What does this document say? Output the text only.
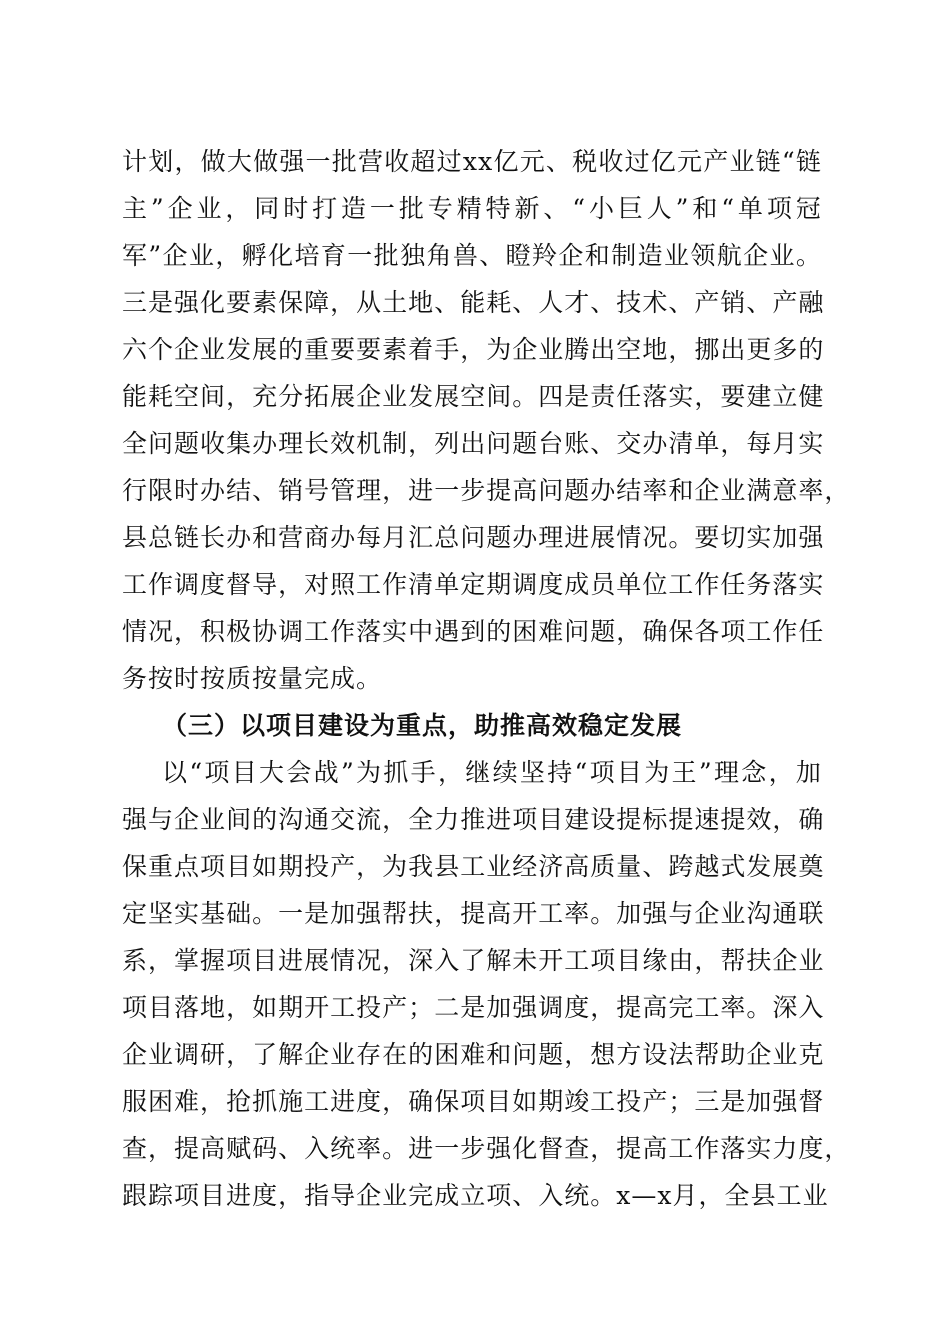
计 划 ， 做 大 做 强 一 批 营 收 超 过 x x 亿 元 、 税 收 过 亿 元 产 业 链 “ 链
主 ” 企 业 ， 同 时 打 造 一 批 专 精 特 新 、 “ 小 巨 人 ” 和 “ 单 项 冠
军 ” 企 业 ， 孵 化 培 育 一 批 独 角 兽 、 瞪 羚 企 和 制 造 业 领 航 企 业 。
三 是 强 化 要 素 保 障 ， 从 土 地 、 能 耗 、 人 才 、 技 术 、 产 销 、 产 融
六 个 企 业 发 展 的 重 要 要 素 着 手 ， 为 企 业 腾 出 空 地 ， 挪 出 更 多 的
能 耗 空 间 ， 充 分 拓 展 企 业 发 展 空 间 。 四 是 责 任 落 实 ， 要 建 立 健
全 问 题 收 集 办 理 长 效 机 制 ， 列 出 问 题 台 账 、 交 办 清 单 ， 每 月 实
行 限 时 办 结 、 销 号 管 理 ， 进 一 步 提 高 问 题 办 结 率 和 企 业 满 意 率 ，
县 总 链 长 办 和 营 商 办 每 月 汇 总 问 题 办 理 进 展 情 况 。 要 切 实 加 强
工 作 调 度 督 导 ， 对 照 工 作 清 单 定 期 调 度 成 员 单 位 工 作 任 务 落 实
情 况 ， 积 极 协 调 工 作 落 实 中 遇 到 的 困 难 问 题 ， 确 保 各 项 工 作 任
务按时按质按量完成。
（三）以项目建设为重点，助推高效稳定发展
以 “ 项 目 大 会 战 ” 为 抓 手 ， 继 续 坚 持 “ 项 目 为 王 ” 理 念 ， 加
强 与 企 业 间 的 沟 通 交 流 ， 全 力 推 进 项 目 建 设 提 标 提 速 提 效 ， 确
保 重 点 项 目 如 期 投 产 ， 为 我 县 工 业 经 济 高 质 量 、 跨 越 式 发 展 奠
定 坚 实 基 础 。 一 是 加 强 帮 扶 ， 提 高 开 工 率 。 加 强 与 企 业 沟 通 联
系 ， 掌 握 项 目 进 展 情 况 ， 深 入 了 解 未 开 工 项 目 缘 由 ， 帮 扶 企 业
项 目 落 地 ， 如 期 开 工 投 产 ； 二 是 加 强 调 度 ， 提 高 完 工 率 。 深 入
企 业 调 研 ， 了 解 企 业 存 在 的 困 难 和 问 题 ， 想 方 设 法 帮 助 企 业 克
服 困 难 ， 抢 抓 施 工 进 度 ， 确 保 项 目 如 期 竣 工 投 产 ； 三 是 加 强 督
查 ， 提 高 赋 码 、 入 统 率 。 进 一 步 强 化 督 查 ， 提 高 工 作 落 实 力 度 ，
跟 踪 项 目 进 度 ， 指 导 企 业 完 成 立 项 、 入 统 。 x — x 月 ， 全 县 工 业
